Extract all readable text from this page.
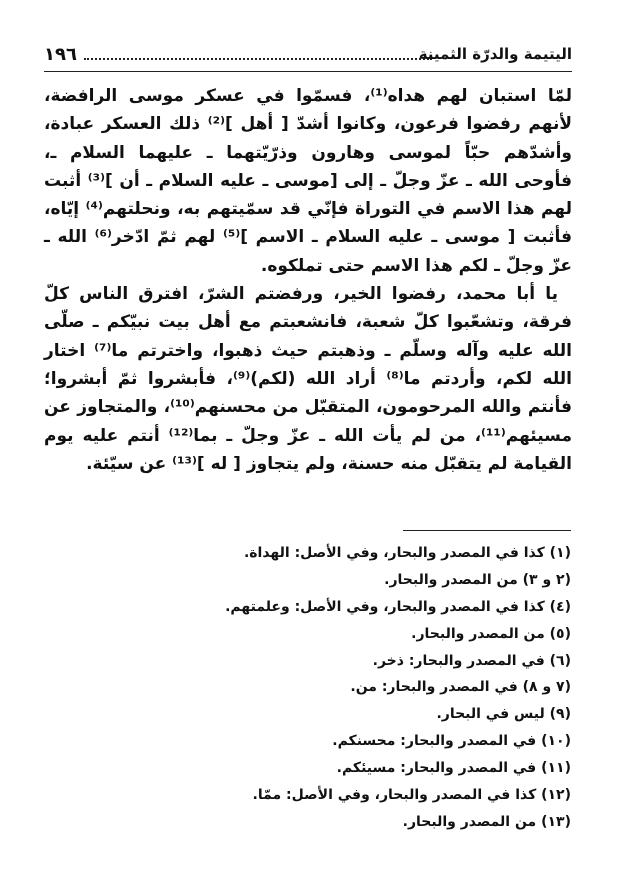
١٩٦	اليتيمة والدرّة الثمينة

لمّا استبان لهم هداه⁽¹⁾، فسمّوا في عسكر موسى الرافضة، لأنهم رفضوا فرعون، وكانوا أشدّ [ أهل ]⁽²⁾ ذلك العسكر عبادة، وأشدّهم حبّاً لموسى وهارون وذرّيّتهما ـ عليهما السلام ـ، فأوحى الله ـ عزّ وجلّ ـ إلى [موسى ـ عليه السلام ـ أن ]⁽³⁾ أثبت لهم هذا الاسم في التوراة فإنّي قد سمّيتهم به، ونحلتهم⁽⁴⁾ إيّاه، فأثبت [ موسى ـ عليه السلام ـ الاسم ]⁽⁵⁾ لهم ثمّ ادّخر⁽⁶⁾ الله ـ عزّ وجلّ ـ لكم هذا الاسم حتى تملكوه.

يا أبا محمد، رفضوا الخير، ورفضتم الشرّ، افترق الناس كلّ فرقة، وتشعّبوا كلّ شعبة، فانشعبتم مع أهل بيت نبيّكم ـ صلّى الله عليه وآله وسلّم ـ وذهبتم حيث ذهبوا، واخترتم ما⁽⁷⁾ اختار الله لكم، وأردتم ما⁽⁸⁾ أراد الله (لكم)⁽⁹⁾، فأبشروا ثمّ أبشروا؛ فأنتم والله المرحومون، المتقبّل من محسنهم⁽¹⁰⁾، والمتجاوز عن مسيئهم⁽¹¹⁾، من لم يأت الله ـ عزّ وجلّ ـ بما⁽¹²⁾ أنتم عليه يوم القيامة لم يتقبّل منه حسنة، ولم يتجاوز [ له ]⁽¹³⁾ عن سيّئة.

(١) كذا في المصدر والبحار، وفي الأصل: الهداة.
(٢ و ٣) من المصدر والبحار.
(٤) كذا في المصدر والبحار، وفي الأصل: وعلمتهم.
(٥) من المصدر والبحار.
(٦) في المصدر والبحار: ذخر.
(٧ و ٨) في المصدر والبحار: من.
(٩) ليس في البحار.
(١٠) في المصدر والبحار: محسنكم.
(١١) في المصدر والبحار: مسيئكم.
(١٢) كذا في المصدر والبحار، وفي الأصل: ممّا.
(١٣) من المصدر والبحار.
